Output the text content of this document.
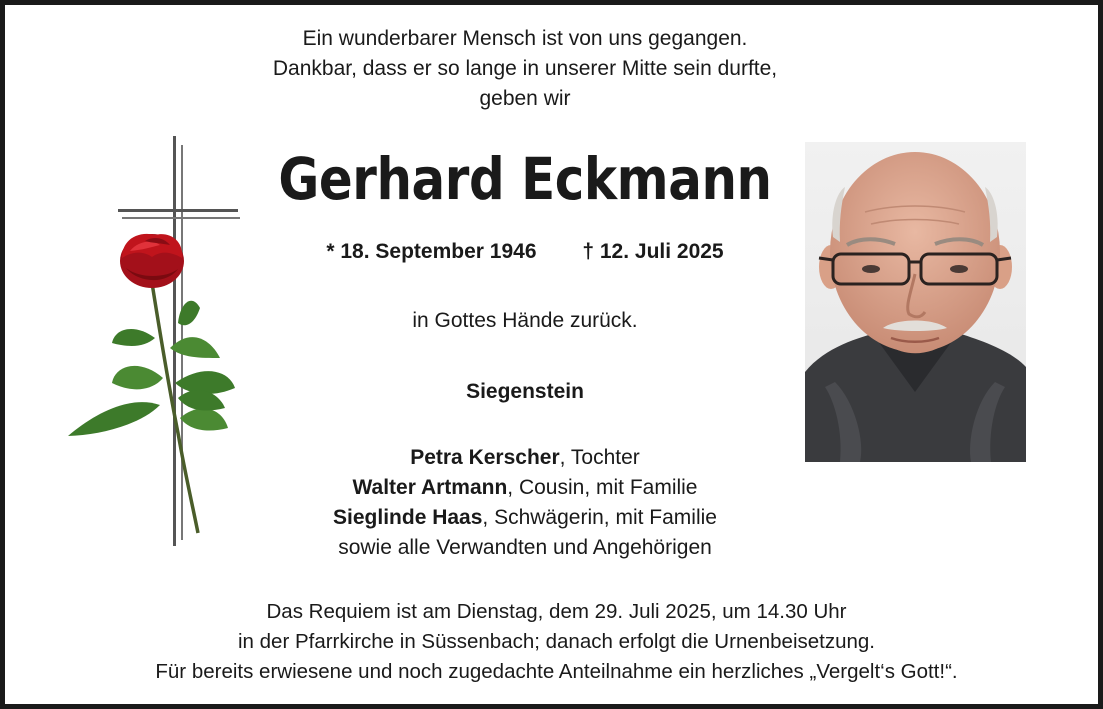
Ein wunderbarer Mensch ist von uns gegangen.
Dankbar, dass er so lange in unserer Mitte sein durfte,
geben wir
Gerhard Eckmann
* 18. September 1946 † 12. Juli 2025
in Gottes Hände zurück.
Siegenstein
Petra Kerscher, Tochter
Walter Artmann, Cousin, mit Familie
Sieglinde Haas, Schwägerin, mit Familie
sowie alle Verwandten und Angehörigen
Das Requiem ist am Dienstag, dem 29. Juli 2025, um 14.30 Uhr
in der Pfarrkirche in Süssenbach; danach erfolgt die Urnenbeisetzung.
Für bereits erwiesene und noch zugedachte Anteilnahme ein herzliches „Vergelt‘s Gott!“.
